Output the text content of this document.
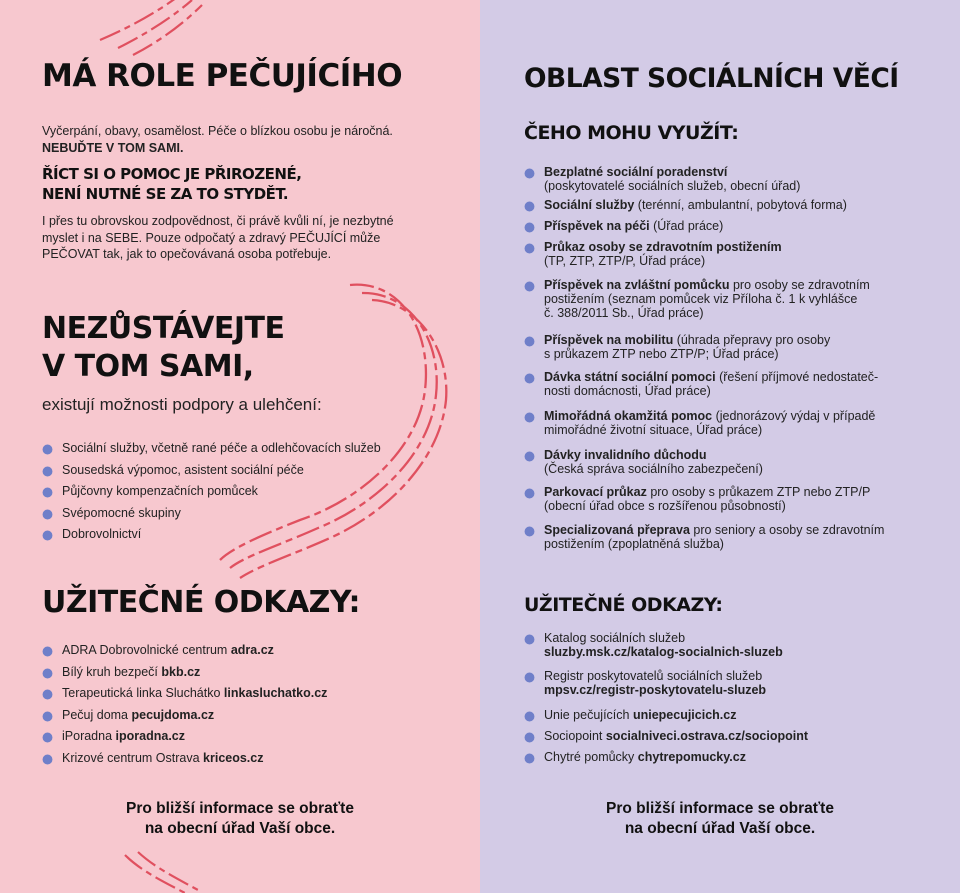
MÁ ROLE PEČUJÍCÍHO
Vyčerpání, obavy, osamělost. Péče o blízkou osobu je náročná.
NEBUĎTE V TOM SAMI.
ŘÍCT SI O POMOC JE PŘIROZENÉ,
NENÍ NUTNÉ SE ZA TO STYDĚT.
I přes tu obrovskou zodpovědnost, či právě kvůli ní, je nezbytné
myslet i na SEBE. Pouze odpočatý a zdravý PEČUJÍCÍ může
PEČOVAT tak, jak to opečovávaná osoba potřebuje.
NEZŮSTÁVEJTE
V TOM SAMI,
existují možnosti podpory a ulehčení:
Sociální služby, včetně rané péče a odlehčovacích služeb
Sousedská výpomoc, asistent sociální péče
Půjčovny kompenzačních pomůcek
Svépomocné skupiny
Dobrovolnictví
UŽITEČNÉ ODKAZY:
ADRA Dobrovolnické centrum adra.cz
Bílý kruh bezpečí bkb.cz
Terapeutická linka Sluchátko linkasluchatko.cz
Pečuj doma pecujdoma.cz
iPoradna iporadna.cz
Krizové centrum Ostrava kriceos.cz
Pro bližší informace se obraťte
na obecní úřad Vaší obce.
OBLAST SOCIÁLNÍCH VĚCÍ
ČEHO MOHU VYUŽÍT:
Bezplatné sociální poradenství
(poskytovatelé sociálních služeb, obecní úřad)
Sociální služby (terénní, ambulantní, pobytová forma)
Příspěvek na péči (Úřad práce)
Průkaz osoby se zdravotním postižením
(TP, ZTP, ZTP/P, Úřad práce)
Příspěvek na zvláštní pomůcku pro osoby se zdravotním
postižením (seznam pomůcek viz Příloha č. 1 k vyhlášce
č. 388/2011 Sb., Úřad práce)
Příspěvek na mobilitu (úhrada přepravy pro osoby
s průkazem ZTP nebo ZTP/P; Úřad práce)
Dávka státní sociální pomoci (řešení příjmové nedostateč-
nosti domácnosti, Úřad práce)
Mimořádná okamžitá pomoc (jednorázový výdaj v případě
mimořádné životní situace, Úřad práce)
Dávky invalidního důchodu
(Česká správa sociálního zabezpečení)
Parkovací průkaz pro osoby s průkazem ZTP nebo ZTP/P
(obecní úřad obce s rozšířenou působností)
Specializovaná přeprava pro seniory a osoby se zdravotním
postižením (zpoplatněná služba)
UŽITEČNÉ ODKAZY:
Katalog sociálních služeb
sluzby.msk.cz/katalog-socialnich-sluzeb
Registr poskytovatelů sociálních služeb
mpsv.cz/registr-poskytovatelu-sluzeb
Unie pečujících uniepecujicich.cz
Sociopoint socialniveci.ostrava.cz/sociopoint
Chytré pomůcky chytrepomucky.cz
Pro bližší informace se obraťte
na obecní úřad Vaší obce.
